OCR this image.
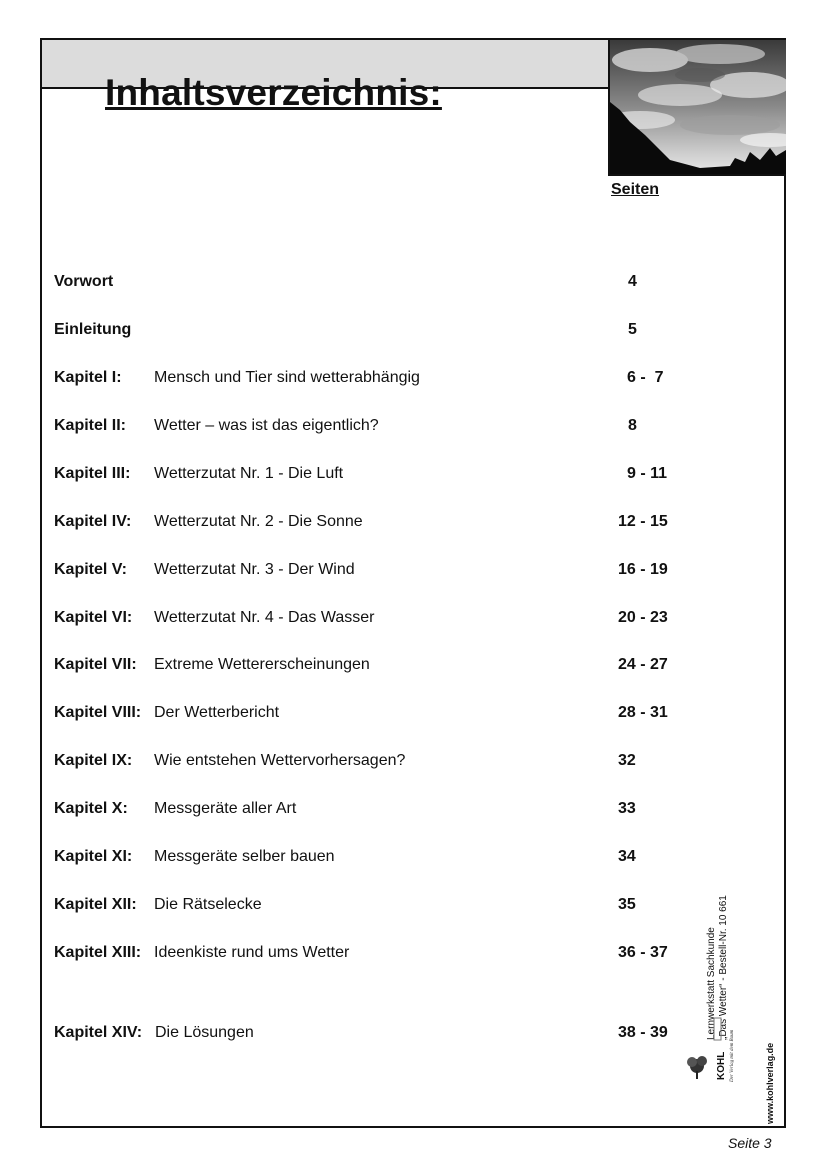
Inhaltsverzeichnis:
Seiten
Vorwort	4
Einleitung	5
Kapitel I: Mensch und Tier sind wetterabhängig	6 -  7
Kapitel II: Wetter – was ist das eigentlich?	8
Kapitel III: Wetterzutat Nr. 1 - Die Luft	9 - 11
Kapitel IV: Wetterzutat Nr. 2 - Die Sonne	12 - 15
Kapitel V: Wetterzutat Nr. 3 - Der Wind	16 - 19
Kapitel VI: Wetterzutat Nr. 4 - Das Wasser	20 - 23
Kapitel VII: Extreme Wettererscheinungen	24 - 27
Kapitel VIII: Der Wetterbericht	28 - 31
Kapitel IX: Wie entstehen Wettervorhersagen?	32
Kapitel X: Messgeräte aller Art	33
Kapitel XI: Messgeräte selber bauen	34
Kapitel XII: Die Rätselecke	35
Kapitel XIII: Ideenkiste rund ums Wetter	36 - 37
Kapitel XIV: Die Lösungen	38 - 39	Lernwerkstatt Sachkunde „Das Wetter“ - Bestell-Nr. 10 661
www.kohlverlag.de
KOHL Der Verlag mit dem Baum
Seite 3
